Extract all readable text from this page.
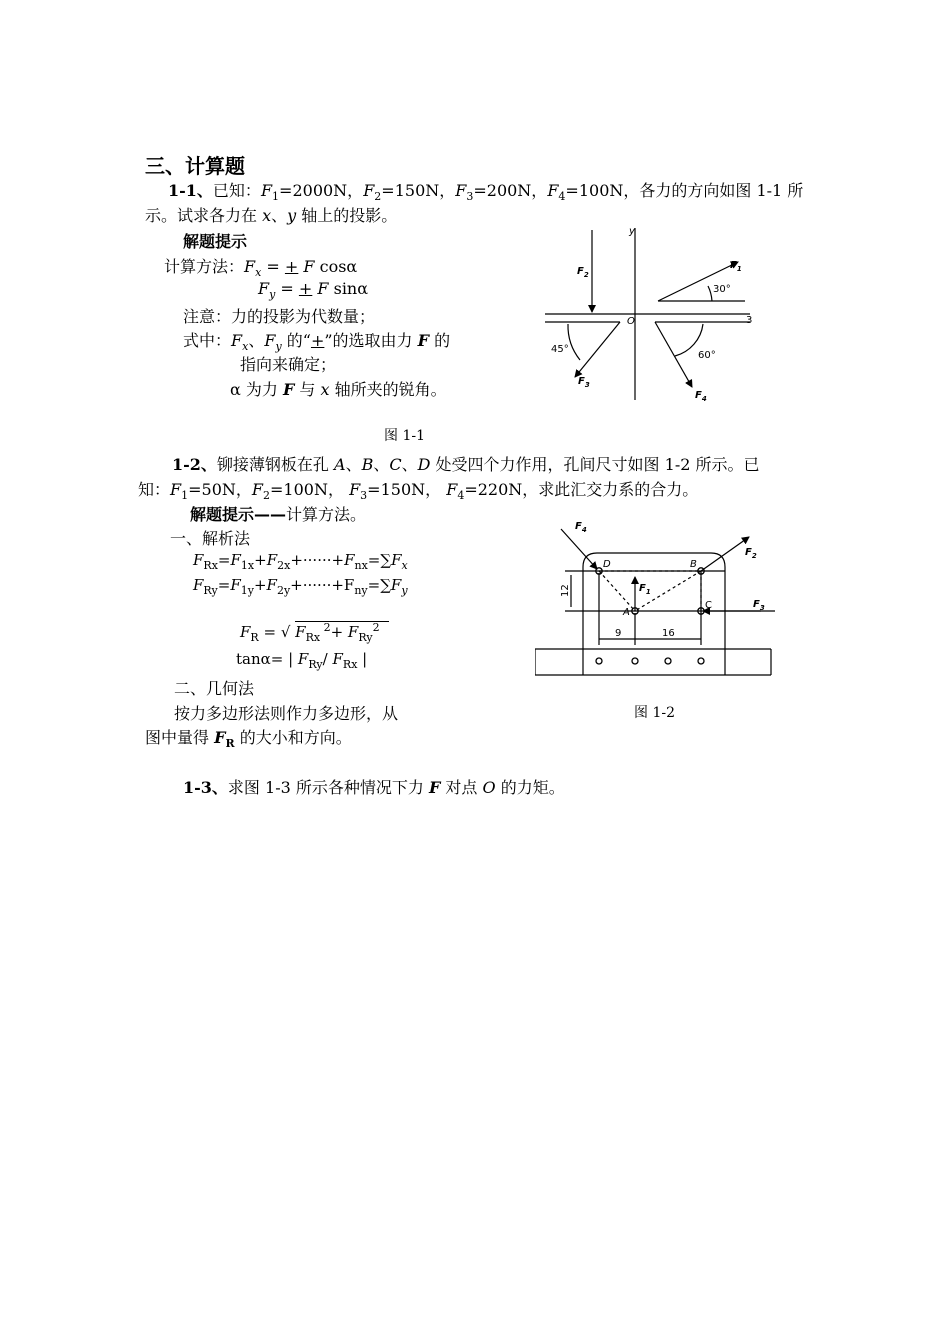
三、计算题
1-1、已知：$F_1=2000N$，$F_2=150N$，$F_3=200N$，$F_4=100N$，各力的方向如图 1-1 所
示。试求各力在 x、y 轴上的投影。
解题提示
计算方法：$F_x$ = + F cosα
$F_y$ = + F sinα
注意：力的投影为代数量；
式中：$F_x$、$F_y$ 的“+”的选取由力 F 的
指向来确定；
α 为力 F 与 x 轴所夹的锐角。
y
O	3
$F_2$
$F_1$
$F_3$
$F_4$
30°
45°
60°
图 1-1
1-2、铆接薄钢板在孔 A、B、C、D 处受四个力作用，孔间尺寸如图 1-2 所示。已
知：$F_1=50N$，$F_2=100N$， $F_3=150N$， $F_4=220N$，求此汇交力系的合力。
解题提示——计算方法。
一、解析法
$F_{Rx}=F_{1x}+F_{2x}+\cdot\cdot\cdot\cdot\cdot\cdot+F_{nx}=\sum F_x$
$F_{Ry}=F_{1y}+F_{2y}+\cdot\cdot\cdot\cdot\cdot\cdot+F_{ny}=\sum F_y$
$F_R$ = √ $F_{Rx}$ $^2+ F_{Ry}^2$
tanα= | $F_{Ry}/$ $F_{Rx}$ |
二、几何法
按力多边形法则作力多边形，从
图中量得 $F_R$ 的大小和方向。
$F_4$
$F_2$
$F_3$
$F_1$
D	B
C
A
12
9	16
图 1-2
1-3、求图 1-3 所示各种情况下力 F 对点 O 的力矩。
